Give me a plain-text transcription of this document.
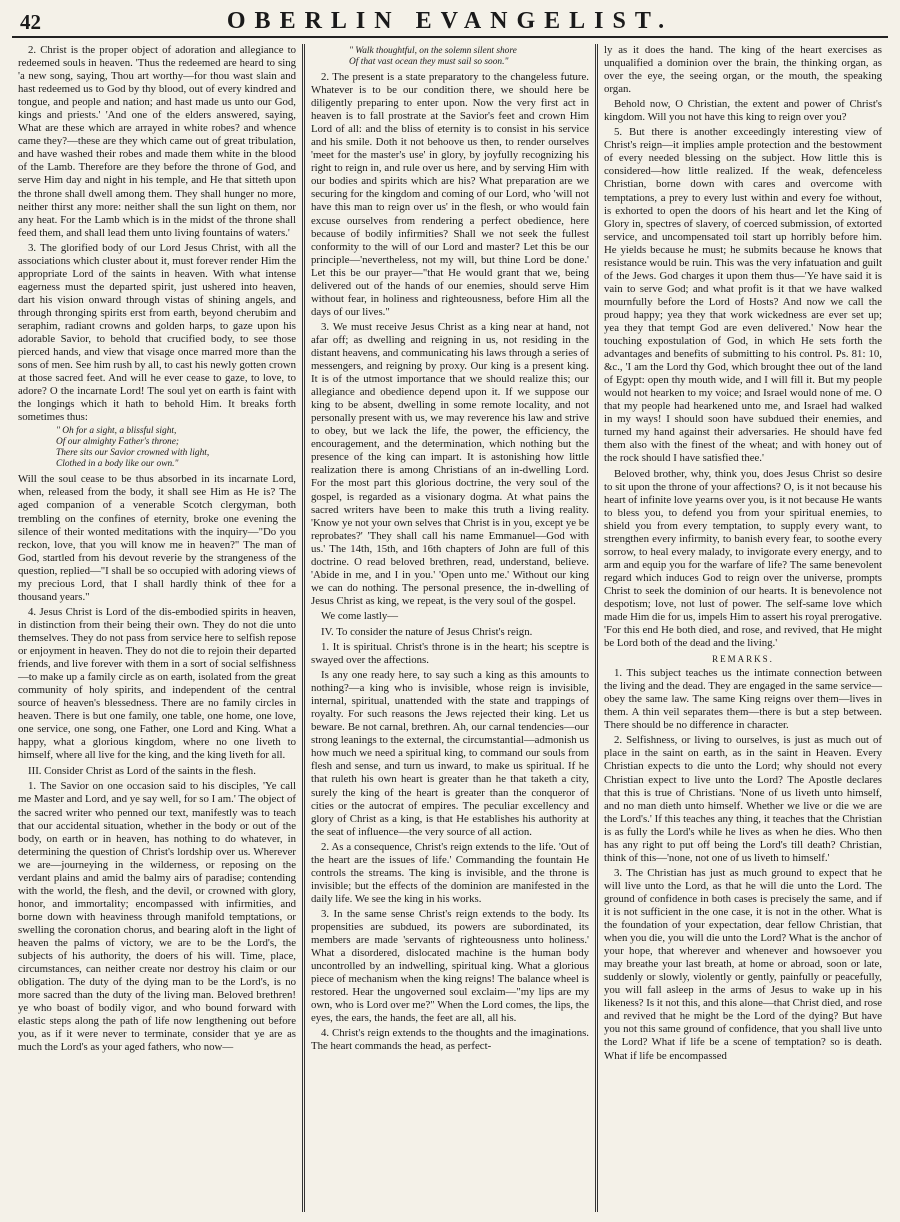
42	OBERLIN EVANGELIST.

2. Christ is the proper object of adoration and allegiance to redeemed souls in heaven. 'Thus the redeemed are heard to sing 'a new song, saying, Thou art worthy—for thou wast slain and hast redeemed us to God by thy blood, out of every kindred and tongue, and people and nation; and hast made us unto our God, kings and priests.' 'And one of the elders answered, saying, What are these which are arrayed in white robes? and whence came they?—these are they which came out of great tribulation, and have washed their robes and made them white in the blood of the Lamb. Therefore are they before the throne of God, and serve Him day and night in his temple, and He that sitteth upon the throne shall dwell among them. They shall hunger no more, neither thirst any more: neither shall the sun light on them, nor any heat. For the Lamb which is in the midst of the throne shall feed them, and shall lead them unto living fountains of waters.'

3. The glorified body of our Lord Jesus Christ, with all the associations which cluster about it, must forever render Him the appropriate Lord of the saints in heaven. With what intense eagerness must the departed spirit, just ushered into heaven, dart his vision onward through vistas of shining angels, and through thronging spirits erst from earth, beyond cherubim and seraphim, radiant crowns and golden harps, to gaze upon his adorable Savior, to behold that crucified body, to see those pierced hands, and view that visage once marred more than the sons of men. See him rush by all, to cast his newly gotten crown at those sacred feet. And will he ever cease to gaze, to love, to adore? O the incarnate Lord! The soul yet on earth is faint with the longings which it hath to behold Him. It breaks forth sometimes thus:

" Oh for a sight, a blissful sight,
Of our almighty Father's throne;
There sits our Savior crowned with light,
Clothed in a body like our own."

Will the soul cease to be thus absorbed in its incarnate Lord, when, released from the body, it shall see Him as He is? The aged companion of a venerable Scotch clergyman, both trembling on the confines of eternity, broke one evening the silence of their wonted meditations with the inquiry—"Do you reckon, love, that you will know me in heaven?" The man of God, startled from his devout reverie by the strangeness of the question, replied—"I shall be so occupied with adoring views of my precious Lord, that I shall hardly think of thee for a thousand years."

4. Jesus Christ is Lord of the dis-embodied spirits in heaven, in distinction from their being their own. They do not die unto themselves. They do not pass from service here to selfish repose or enjoyment in heaven. They do not die to rejoin their departed friends, and live forever with them in a sort of social selfishness—to make up a family circle as on earth, isolated from the great community of holy spirits, and independent of the central source of heaven's blessedness. There are no family circles in heaven. There is but one family, one table, one home, one love, one service, one song, one Father, one Lord and King. What a happy, what a glorious kingdom, where no one liveth to himself, where all live for the king, and the king liveth for all.

III. Consider Christ as Lord of the saints in the flesh.

1. The Savior on one occasion said to his disciples, 'Ye call me Master and Lord, and ye say well, for so I am.' The object of the sacred writer who penned our text, manifestly was to teach that our accidental situation, whether in the body or out of the body, on earth or in heaven, has nothing to do whatever, in determining the question of Christ's lordship over us. Wherever we are—journeying in the wilderness, or reposing on the verdant plains and amid the balmy airs of paradise; contending with the world, the flesh, and the devil, or crowned with glory, honor, and immortality; encompassed with infirmities, and borne down with heaviness through manifold temptations, or swelling the coronation chorus, and bearing aloft in the light of heaven the palms of victory, we are to be the Lord's, the subjects of his authority, the doers of his will. Time, place, circumstances, can neither create nor destroy his claim or our obligation. The duty of the dying man to be the Lord's, is no more sacred than the duty of the living man. Beloved brethren! ye who boast of bodily vigor, and who bound forward with elastic steps along the path of life now lengthening out before you, as if it were never to terminate, consider that ye are as much the Lord's as your aged fathers, who now—

" Walk thoughtful, on the solemn silent shore
Of that vast ocean they must sail so soon."

2. The present is a state preparatory to the changeless future. Whatever is to be our condition there, we should here be diligently preparing to enter upon. Now the very first act in heaven is to fall prostrate at the Savior's feet and crown Him Lord of all: and the bliss of eternity is to consist in his service and his smile. Doth it not behoove us then, to render ourselves 'meet for the master's use' in glory, by joyfully recognizing his right to reign in, and rule over us here, and by serving Him with our bodies and spirits which are his? What preparation are we securing for the kingdom and coming of our Lord, who 'will not have this man to reign over us' in the flesh, or who would fain excuse ourselves from rendering a perfect obedience, here because of bodily infirmities? Shall we not seek the fullest conformity to the will of our Lord and master? Let this be our principle—'nevertheless, not my will, but thine Lord be done.' Let this be our prayer—"that He would grant that we, being delivered out of the hands of our enemies, should serve Him without fear, in holiness and righteousness, before Him all the days of our lives."

3. We must receive Jesus Christ as a king near at hand, not afar off; as dwelling and reigning in us, not residing in the distant heavens, and communicating his laws through a series of messengers, and reigning by proxy. Our king is a present king. It is of the utmost importance that we should realize this; our allegiance and obedience depend upon it. If we suppose our king to be absent, dwelling in some remote locality, and not personally present with us, we may reverence his law and strive to obey, but we lack the life, the power, the efficiency, the encouragement, and the determination, which nothing but the presence of the king can impart. It is astonishing how little realization there is among Christians of an in-dwelling Lord. For the most part this glorious doctrine, the very soul of the gospel, is regarded as a visionary dogma. At what pains the sacred writers have been to make this truth a living reality. 'Know ye not your own selves that Christ is in you, except ye be reprobates?' 'They shall call his name Emmanuel—God with us.' The 14th, 15th, and 16th chapters of John are full of this doctrine. O read beloved brethren, read, understand, believe. 'Abide in me, and I in you.' 'Open unto me.' Without our king we can do nothing. The personal presence, the in-dwelling of Jesus Christ as king, we repeat, is the very soul of the gospel.

We come lastly—

IV. To consider the nature of Jesus Christ's reign.

1. It is spiritual. Christ's throne is in the heart; his sceptre is swayed over the affections.

Is any one ready here, to say such a king as this amounts to nothing?—a king who is invisible, whose reign is invisible, internal, spiritual, unattended with the state and trappings of royalty. For such reasons the Jews rejected their king. Let us beware. Be not carnal, brethren. Ah, our carnal tendencies—our strong leanings to the external, the circumstantial—admonish us how much we need a spiritual king, to command our souls from flesh and sense, and turn us inward, to make us spiritual. If he that ruleth his own heart is greater than he that taketh a city, surely the king of the heart is greater than the conqueror of cities or the autocrat of empires. The peculiar excellency and glory of Christ as a king, is that He establishes his authority at the seat of influence—the very source of all action.

2. As a consequence, Christ's reign extends to the life. 'Out of the heart are the issues of life.' Commanding the fountain He controls the streams. The king is invisible, and the throne is invisible; but the effects of the dominion are manifested in the daily life. We see the king in his works.

3. In the same sense Christ's reign extends to the body. Its propensities are subdued, its powers are subordinated, its members are made 'servants of righteousness unto holiness.' What a disordered, dislocated machine is the human body uncontrolled by an indwelling, spiritual king. What a glorious piece of mechanism when the king reigns! The balance wheel is restored. Hear the ungoverned soul exclaim—"my lips are my own, who is Lord over me?" When the Lord comes, the lips, the eyes, the ears, the hands, the feet are all, all his.

4. Christ's reign extends to the thoughts and the imaginations. The heart commands the head, as perfect-

ly as it does the hand. The king of the heart exercises as unqualified a dominion over the brain, the thinking organ, as over the eye, the seeing organ, or the mouth, the speaking organ.

Behold now, O Christian, the extent and power of Christ's kingdom. Will you not have this king to reign over you?

5. But there is another exceedingly interesting view of Christ's reign—it implies ample protection and the bestowment of every needed blessing on the subject. How little this is considered—how little realized. If the weak, defenceless Christian, borne down with cares and overcome with temptations, a prey to every lust within and every foe without, is exhorted to open the doors of his heart and let the King of Glory in, spectres of slavery, of coerced submission, of extorted service, and uncompensated toil start up horribly before him. He yields because he must; he submits because he knows that resistance would be ruin. This was the very infatuation and guilt of the Jews. God charges it upon them thus—'Ye have said it is vain to serve God; and what profit is it that we have walked mournfully before the Lord of Hosts? And now we call the proud happy; yea they that work wickedness are ever set up; yea they that tempt God are even delivered.' Now hear the touching expostulation of God, in which He sets forth the advantages and benefits of submitting to his control. Ps. 81: 10, &c., 'I am the Lord thy God, which brought thee out of the land of Egypt: open thy mouth wide, and I will fill it. But my people would not hearken to my voice; and Israel would none of me. O that my people had hearkened unto me, and Israel had walked in my ways! I should soon have subdued their enemies, and turned my hand against their adversaries. He should have fed them also with the finest of the wheat; and with honey out of the rock should I have satisfied thee.'

Beloved brother, why, think you, does Jesus Christ so desire to sit upon the throne of your affections? O, is it not because his heart of infinite love yearns over you, is it not because He wants to bless you, to defend you from your spiritual enemies, to shield you from every temptation, to supply every want, to strengthen every infirmity, to banish every fear, to soothe every sorrow, to heal every malady, to invigorate every energy, and to arm and equip you for the warfare of life? The same benevolent regard which induces God to reign over the universe, prompts Christ to seek the dominion of our hearts. It is benevolence not despotism; love, not lust of power. The self-same love which made Him die for us, impels Him to assert his royal prerogative. 'For this end He both died, and rose, and revived, that He might be Lord both of the dead and the living.'

REMARKS.

1. This subject teaches us the intimate connection between the living and the dead. They are engaged in the same service—obey the same law. The same King reigns over them—lives in them. A thin veil separates them—there is but a step between. There should be no difference in character.

2. Selfishness, or living to ourselves, is just as much out of place in the saint on earth, as in the saint in Heaven. Every Christian expects to die unto the Lord; why should not every Christian expect to live unto the Lord? The Apostle declares that this is true of Christians. 'None of us liveth unto himself, and no man dieth unto himself. Whether we live or die we are the Lord's.' If this teaches any thing, it teaches that the Christian is as fully the Lord's while he lives as when he dies. Who then has any right to put off being the Lord's till death? Christian, think of this—'none, not one of us liveth to himself.'

3. The Christian has just as much ground to expect that he will live unto the Lord, as that he will die unto the Lord. The ground of confidence in both cases is precisely the same, and if it is not sufficient in the one case, it is not in the other. What is the foundation of your expectation, dear fellow Christian, that when you die, you will die unto the Lord? What is the anchor of your hope, that wherever and whenever and howsoever you may breathe your last breath, at home or abroad, soon or late, suddenly or slowly, violently or gently, painfully or peacefully, you will fall asleep in the arms of Jesus to wake up in his likeness? Is it not this, and this alone—that Christ died, and rose and revived that he might be the Lord of the dying? But have you not this same ground of confidence, that you shall live unto the Lord? What if life be a scene of temptation? so is death. What if life be encompassed
